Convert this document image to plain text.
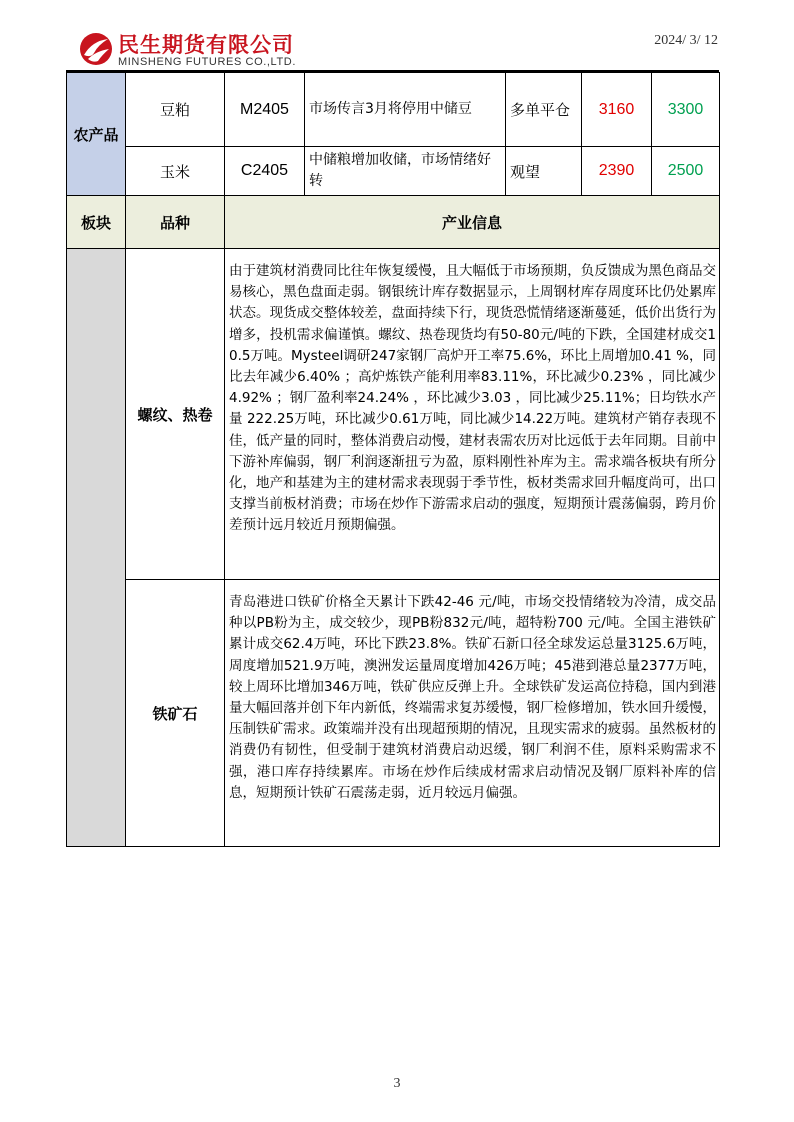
民生期货有限公司
MINSHENG FUTURES CO.,LTD.
2024/ 3/ 12
农产品	豆粕	M2405	市场传言3月将停用中储豆	多单平仓	3160	3300
	玉米	C2405	中储粮增加收储，市场情绪好转	观望	2390	2500
板块	品种	产业信息				
	螺纹、热卷	由于建筑材消费同比往年恢复缓慢，且大幅低于市场预期，负反馈成为黑色商品交易核心，黑色盘面走弱。钢银统计库存数据显示，上周钢材库存周度环比仍处累库状态。现货成交整体较差，盘面持续下行，现货恐慌情绪逐渐蔓延，低价出货行为增多，投机需求偏谨慎。螺纹、热卷现货均有50-80元/吨的下跌，全国建材成交10.5万吨。Mysteel调研247家钢厂高炉开工率75.6%，环比上周增加0.41 %，同比去年减少6.40% ；高炉炼铁产能利用率83.11%，环比减少0.23% ，同比减少4.92% ；钢厂盈利率24.24% ，环比减少3.03 ，同比减少25.11%；日均铁水产量 222.25万吨，环比减少0.61万吨，同比减少14.22万吨。建筑材产销存表现不佳，低产量的同时，整体消费启动慢，建材表需农历对比远低于去年同期。目前中下游补库偏弱，钢厂利润逐渐扭亏为盈，原料刚性补库为主。需求端各板块有所分化，地产和基建为主的建材需求表现弱于季节性，板材类需求回升幅度尚可，出口支撑当前板材消费；市场在炒作下游需求启动的强度，短期预计震荡偏弱，跨月价差预计远月较近月预期偏强。				
	铁矿石	青岛港进口铁矿价格全天累计下跌42-46 元/吨，市场交投情绪较为冷清，成交品种以PB粉为主，成交较少，现PB粉832元/吨，超特粉700 元/吨。全国主港铁矿累计成交62.4万吨，环比下跌23.8%。铁矿石新口径全球发运总量3125.6万吨，周度增加521.9万吨，澳洲发运量周度增加426万吨；45港到港总量2377万吨，较上周环比增加346万吨，铁矿供应反弹上升。全球铁矿发运高位持稳，国内到港量大幅回落并创下年内新低，终端需求复苏缓慢，钢厂检修增加，铁水回升缓慢，压制铁矿需求。政策端并没有出现超预期的情况，且现实需求的疲弱。虽然板材的消费仍有韧性，但受制于建筑材消费启动迟缓，钢厂利润不佳，原料采购需求不强，港口库存持续累库。市场在炒作后续成材需求启动情况及钢厂原料补库的信息，短期预计铁矿石震荡走弱，近月较远月偏强。				
3
